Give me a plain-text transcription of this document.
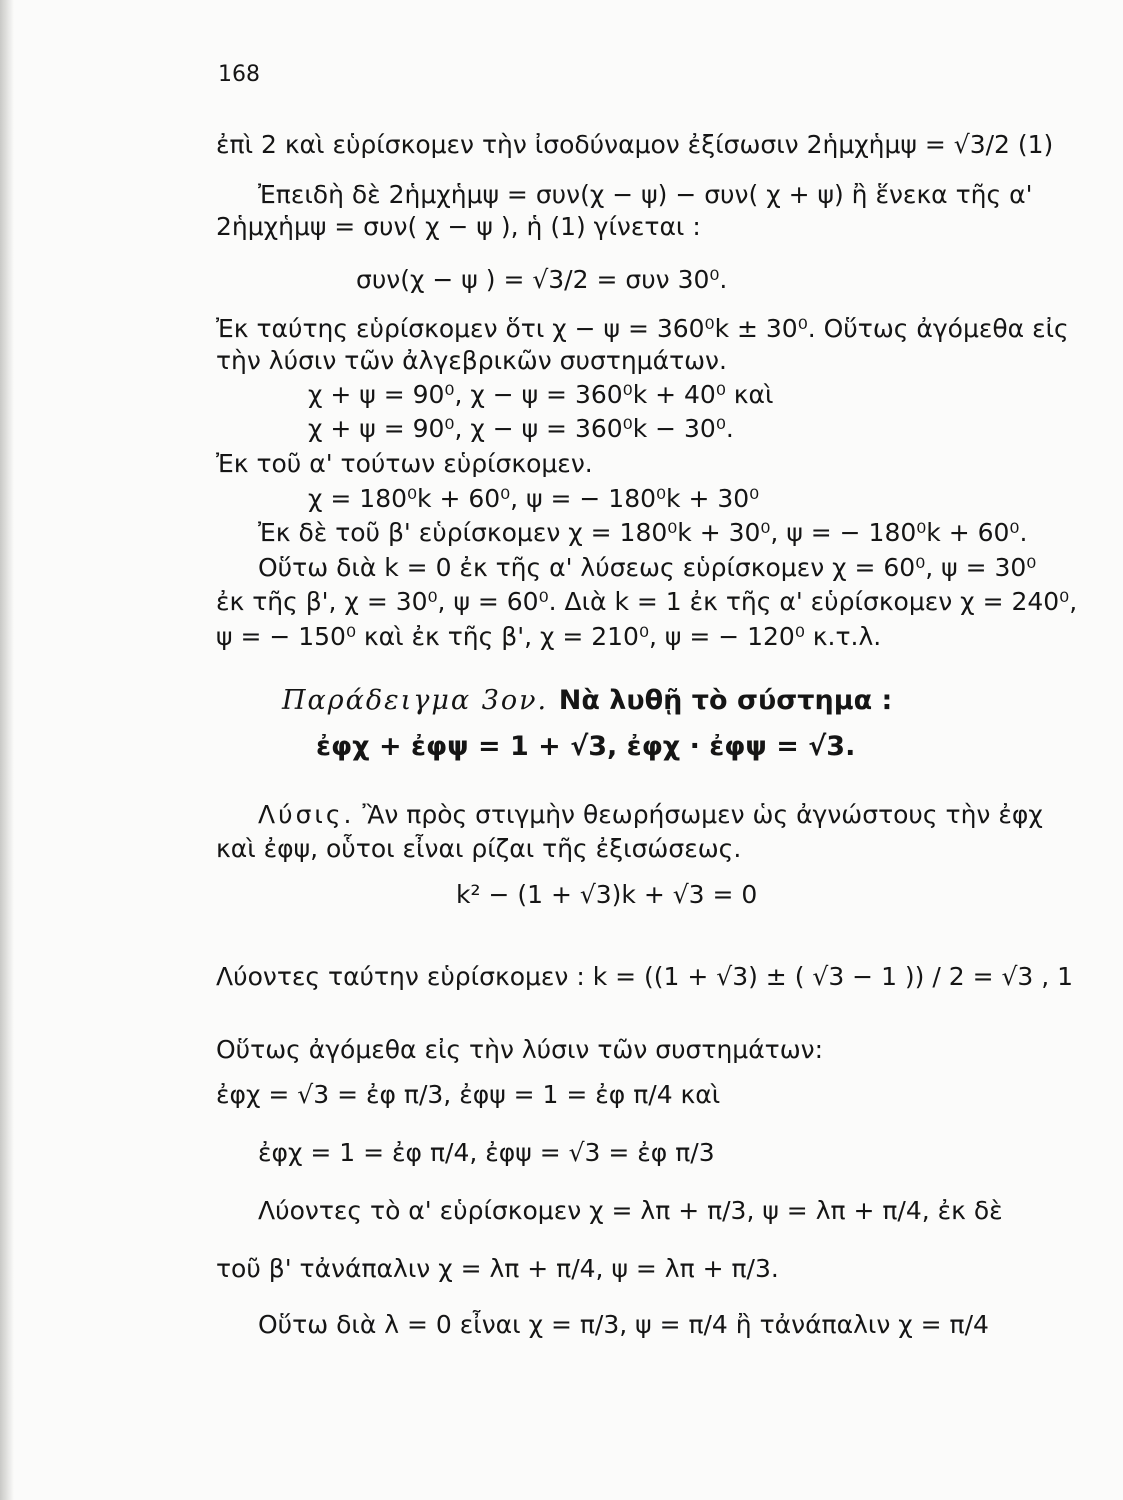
168
ἐπὶ 2 καὶ εὑρίσκομεν τὴν ἰσοδύναμον ἐξίσωσιν 2ἡμχἡμψ = √3/2 (1)
Ἐπειδὴ δὲ 2ἡμχἡμψ = συν(χ − ψ) − συν( χ + ψ) ἢ ἕνεκα τῆς α'
2ἡμχἡμψ = συν( χ − ψ ), ἡ (1) γίνεται :
συν(χ − ψ ) = √3/2 = συν 30⁰.
Ἐκ ταύτης εὑρίσκομεν ὅτι χ − ψ = 360⁰k ± 30⁰. Οὕτως ἀγόμεθα εἰς
τὴν λύσιν τῶν ἀλγεβρικῶν συστημάτων.
χ + ψ = 90⁰, χ − ψ = 360⁰k + 40⁰ καὶ
χ + ψ = 90⁰, χ − ψ = 360⁰k − 30⁰.
Ἐκ τοῦ α' τούτων εὑρίσκομεν.
χ = 180⁰k + 60⁰, ψ = − 180⁰k + 30⁰
Ἐκ δὲ τοῦ β' εὑρίσκομεν χ = 180⁰k + 30⁰, ψ = − 180⁰k + 60⁰.
Οὕτω διὰ k = 0 ἐκ τῆς α' λύσεως εὑρίσκομεν χ = 60⁰, ψ = 30⁰
ἐκ τῆς β', χ = 30⁰, ψ = 60⁰. Διὰ k = 1 ἐκ τῆς α' εὑρίσκομεν χ = 240⁰,
ψ = − 150⁰ καὶ ἐκ τῆς β', χ = 210⁰, ψ = − 120⁰ κ.τ.λ.
Παράδειγμα 3ον. Νὰ λυθῇ τὸ σύστημα :
ἐφχ + ἐφψ = 1 + √3, ἐφχ · ἐφψ = √3.
Λύσις. Ἂν πρὸς στιγμὴν θεωρήσωμεν ὡς ἀγνώστους τὴν ἐφχ
καὶ ἐφψ, οὗτοι εἶναι ρίζαι τῆς ἐξισώσεως.
k² − (1 + √3)k + √3 = 0
Λύοντες ταύτην εὑρίσκομεν : k = ((1 + √3) ± ( √3 − 1 )) / 2 = √3 , 1
Οὕτως ἀγόμεθα εἰς τὴν λύσιν τῶν συστημάτων:
ἐφχ = √3 = ἐφ π/3, ἐφψ = 1 = ἐφ π/4 καὶ
ἐφχ = 1 = ἐφ π/4, ἐφψ = √3 = ἐφ π/3
Λύοντες τὸ α' εὑρίσκομεν χ = λπ + π/3, ψ = λπ + π/4, ἐκ δὲ
τοῦ β' τἀνάπαλιν χ = λπ + π/4, ψ = λπ + π/3.
Οὕτω διὰ λ = 0 εἶναι χ = π/3, ψ = π/4 ἢ τἀνάπαλιν χ = π/4
